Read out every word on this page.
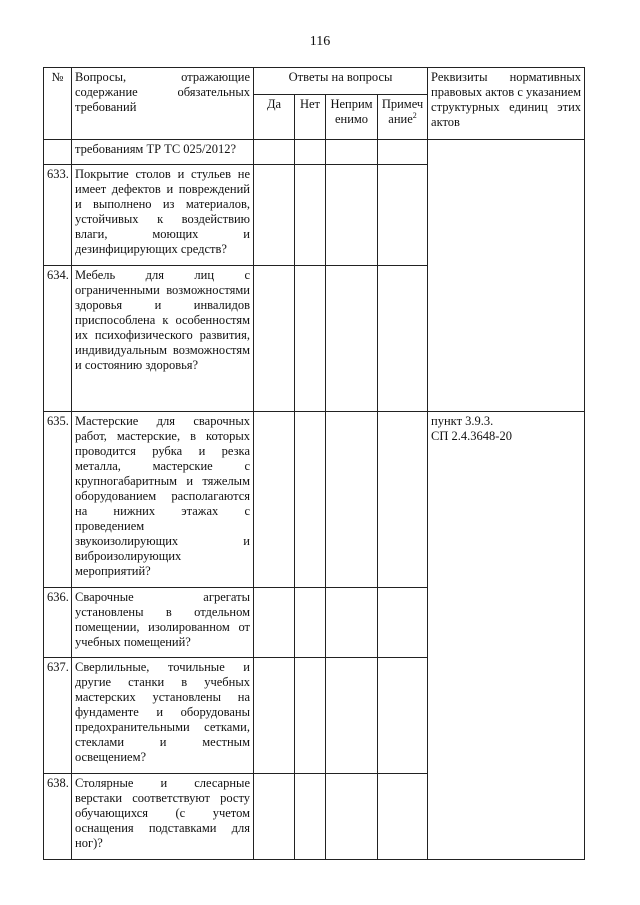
116
№	Вопросы, отражающие содержание обязательных требований	Ответы на вопросы				Реквизиты нормативных правовых актов с указанием структурных единиц этих актов
		Да	Нет	Неприм енимо	Примеч ание$^2$
	требованиям ТР ТС 025/2012?					
633.	Покрытие столов и стульев не имеет дефектов и повреждений и выполнено из материалов, устойчивых к воздействию влаги, моющих и дезинфицирующих средств?					
634.	Мебель для лиц с ограниченными возможностями здоровья и инвалидов приспособлена к особенностям их психофизического развития, индивидуальным возможностям и состоянию здоровья?					
635.	Мастерские для сварочных работ, мастерские, в которых проводится рубка и резка металла, мастерские с крупногабаритным и тяжелым оборудованием располагаются на нижних этажах с проведением звукоизолирующих и виброизолирующих мероприятий?					пункт 3.9.3.
СП 2.4.3648-20

636.	Сварочные агрегаты установлены в отдельном помещении, изолированном от учебных помещений?					
637.	Сверлильные, точильные и другие станки в учебных мастерских установлены на фундаменте и оборудованы предохранительными сетками, стеклами и местным освещением?					
638.	Столярные и слесарные верстаки соответствуют росту обучающихся (с учетом оснащения подставками для ног)?					
